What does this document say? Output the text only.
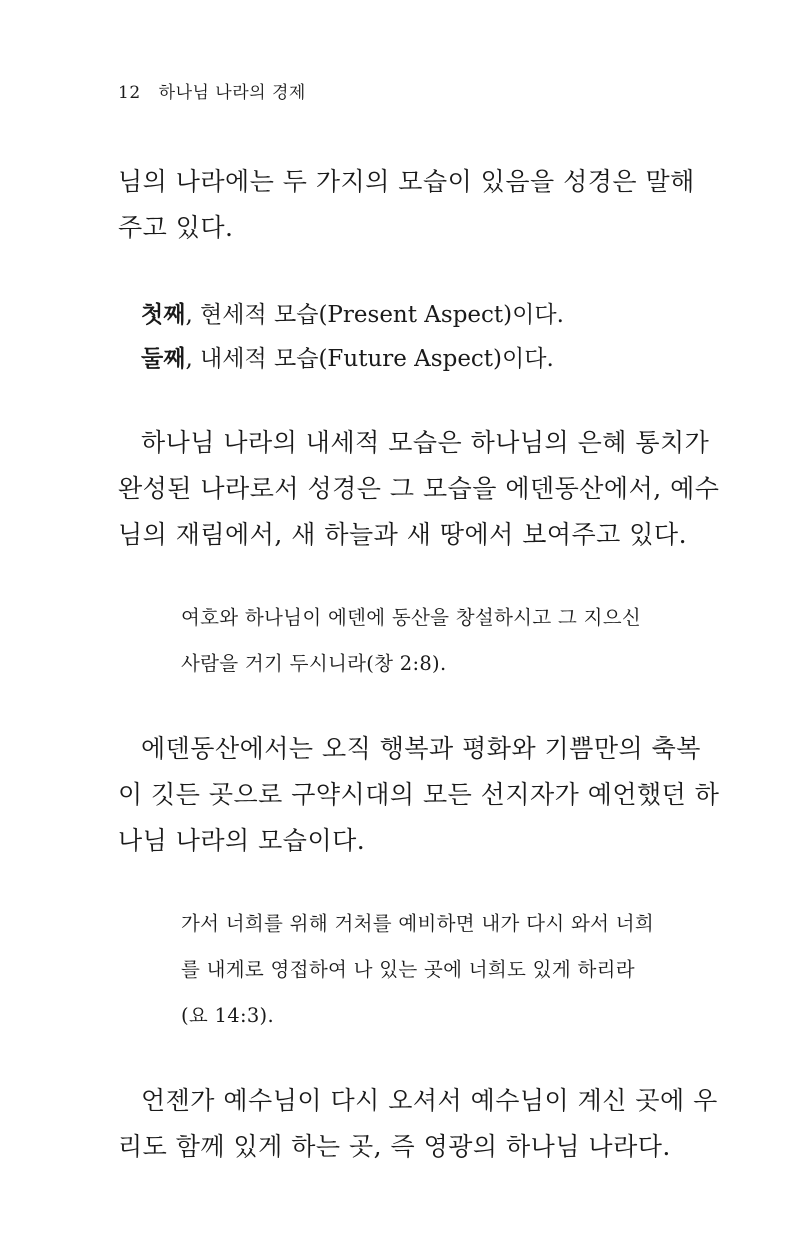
12 하나님 나라의 경제
님의 나라에는 두 가지의 모습이 있음을 성경은 말해
주고 있다.
첫째, 현세적 모습(Present Aspect)이다.
둘째, 내세적 모습(Future Aspect)이다.
하나님 나라의 내세적 모습은 하나님의 은혜 통치가
완성된 나라로서 성경은 그 모습을 에덴동산에서, 예수
님의 재림에서, 새 하늘과 새 땅에서 보여주고 있다.
여호와 하나님이 에덴에 동산을 창설하시고 그 지으신
사람을 거기 두시니라(창 2:8).
에덴동산에서는 오직 행복과 평화와 기쁨만의 축복
이 깃든 곳으로 구약시대의 모든 선지자가 예언했던 하
나님 나라의 모습이다.
가서 너희를 위해 거처를 예비하면 내가 다시 와서 너희
를 내게로 영접하여 나 있는 곳에 너희도 있게 하리라
(요 14:3).
언젠가 예수님이 다시 오셔서 예수님이 계신 곳에 우
리도 함께 있게 하는 곳, 즉 영광의 하나님 나라다.
